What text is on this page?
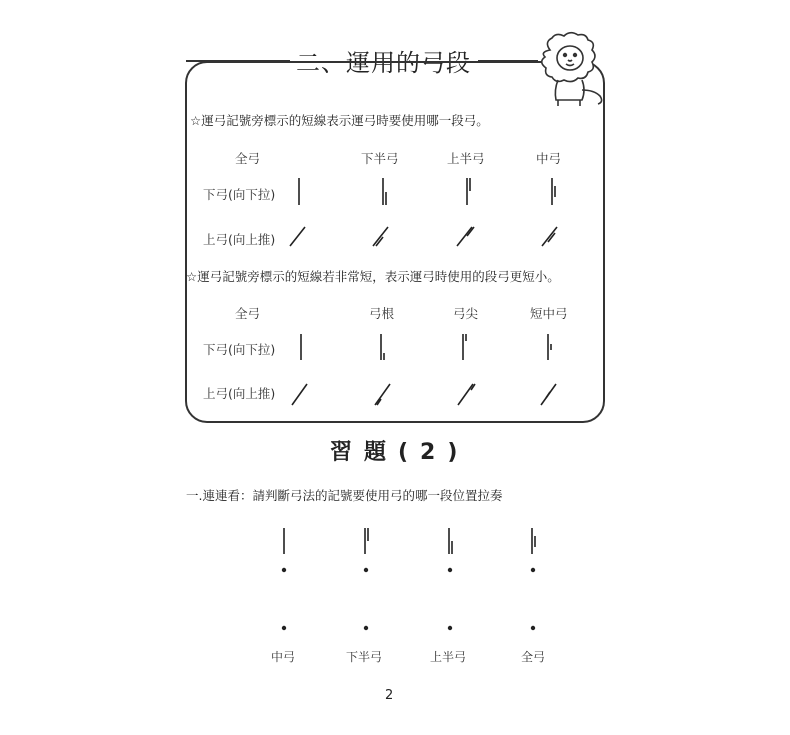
二、運用的弓段
☆運弓記號旁標示的短線表示運弓時要使用哪一段弓。
全弓	下半弓	上半弓	中弓
下弓(向下拉)
上弓(向上推)
☆運弓記號旁標示的短線若非常短，表示運弓時使用的段弓更短小。
全弓	弓根	弓尖	短中弓
下弓(向下拉)
上弓(向上推)
習題(2)
一.連連看：請判斷弓法的記號要使用弓的哪一段位置拉奏
中弓	下半弓	上半弓	全弓
2
